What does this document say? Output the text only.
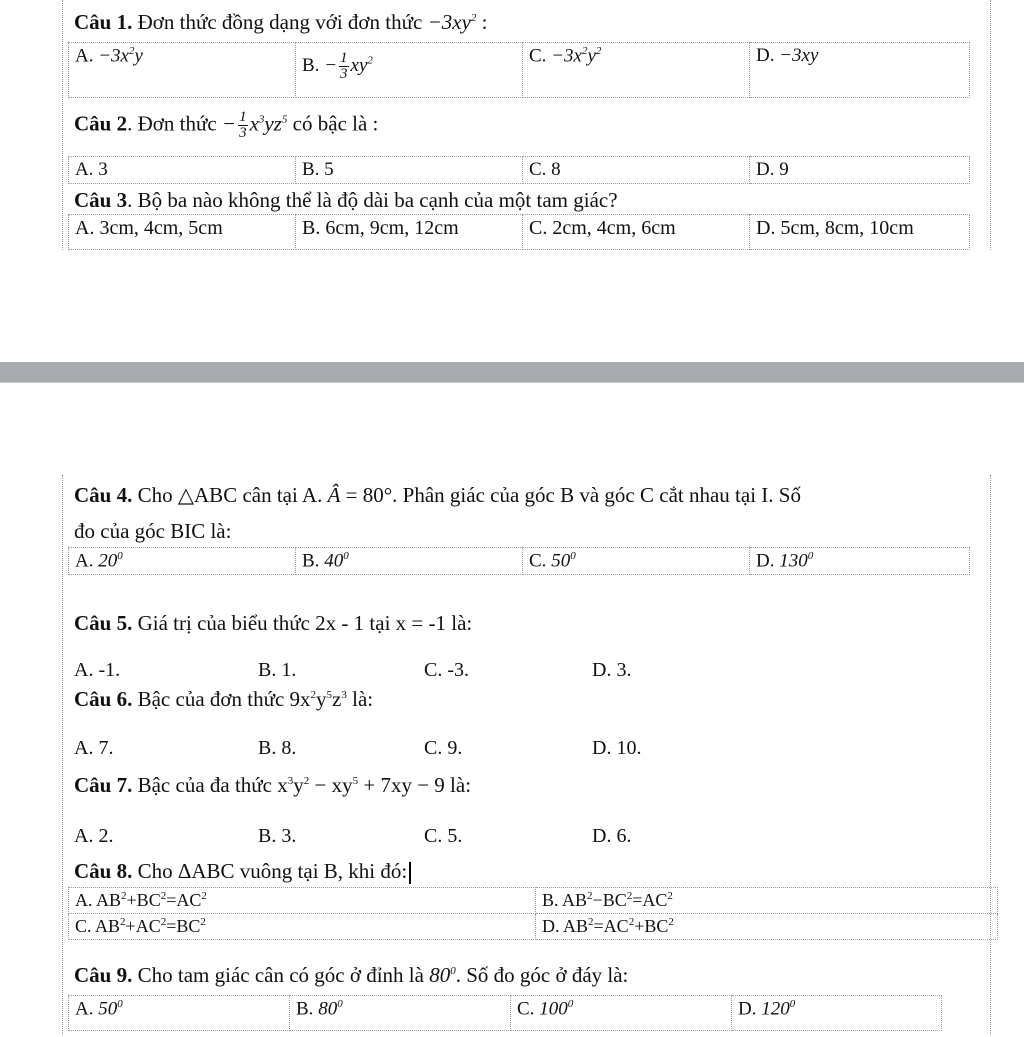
Câu 1. Đơn thức đồng dạng với đơn thức $-3xy^2$ :
A. $-3x^2y$	B. − $\frac{1}{3} xy^2$	C. $-3x^2y^2$	D. −3xy
Câu 2. Đơn thức − $\frac{1}{3} x^3yz^5$ có bậc là :
A. 3	B. 5	C. 8	D. 9
Câu 3. Bộ ba nào không thể là độ dài ba cạnh của một tam giác?
A. 3cm, 4cm, 5cm	B. 6cm, 9cm, 12cm	C. 2cm, 4cm, 6cm	D. 5cm, 8cm, 10cm
Câu 4. Cho △ABC cân tại A. Â = 80°. Phân giác của góc B và góc C cắt nhau tại I. Số
đo của góc BIC là:
A. $20^0$	B. $40^0$	C. $50^0$	D. $130^0$
Câu 5. Giá trị của biểu thức 2x - 1 tại x = -1 là:
A. -1.	B. 1.	C. -3.	D. 3.
Câu 6. Bậc của đơn thức $9x^2y^5z^3$ là:
A. 7.	B. 8.	C. 9.	D. 10.
Câu 7. Bậc của đa thức $x^3y^2 - xy^5 + 7xy - 9$ là:
A. 2.	B. 3.	C. 5.	D. 6.
Câu 8. Cho ΔABC vuông tại B, khi đó:
A. $AB^2+BC^2=AC^2$	B. $AB^2-BC^2=AC^2$
C. $AB^2+AC^2=BC^2$	D. $AB^2=AC^2+BC^2$
Câu 9. Cho tam giác cân có góc ở đỉnh là $80^0$. Số đo góc ở đáy là:
A. $50^0$	B. $80^0$	C. $100^0$	D. $120^0$
